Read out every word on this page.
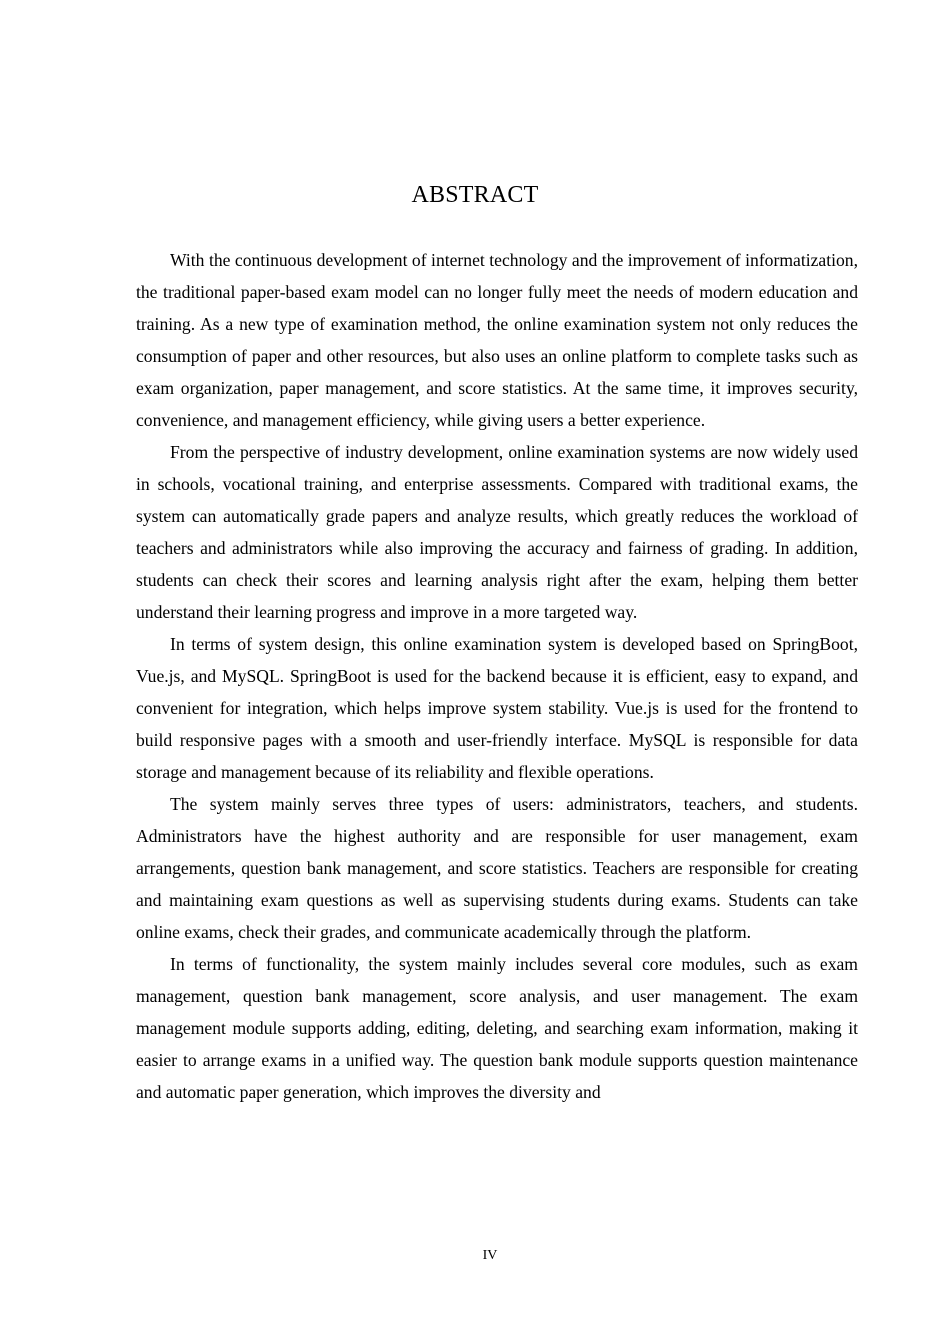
ABSTRACT

With the continuous development of internet technology and the improvement of informatization, the traditional paper-based exam model can no longer fully meet the needs of modern education and training. As a new type of examination method, the online examination system not only reduces the consumption of paper and other resources, but also uses an online platform to complete tasks such as exam organization, paper management, and score statistics. At the same time, it improves security, convenience, and management efficiency, while giving users a better experience.

From the perspective of industry development, online examination systems are now widely used in schools, vocational training, and enterprise assessments. Compared with traditional exams, the system can automatically grade papers and analyze results, which greatly reduces the workload of teachers and administrators while also improving the accuracy and fairness of grading. In addition, students can check their scores and learning analysis right after the exam, helping them better understand their learning progress and improve in a more targeted way.

In terms of system design, this online examination system is developed based on SpringBoot, Vue.js, and MySQL. SpringBoot is used for the backend because it is efficient, easy to expand, and convenient for integration, which helps improve system stability. Vue.js is used for the frontend to build responsive pages with a smooth and user-friendly interface. MySQL is responsible for data storage and management because of its reliability and flexible operations.

The system mainly serves three types of users: administrators, teachers, and students. Administrators have the highest authority and are responsible for user management, exam arrangements, question bank management, and score statistics. Teachers are responsible for creating and maintaining exam questions as well as supervising students during exams. Students can take online exams, check their grades, and communicate academically through the platform.

In terms of functionality, the system mainly includes several core modules, such as exam management, question bank management, score analysis, and user management. The exam management module supports adding, editing, deleting, and searching exam information, making it easier to arrange exams in a unified way. The question bank module supports question maintenance and automatic paper generation, which improves the diversity and

IV
